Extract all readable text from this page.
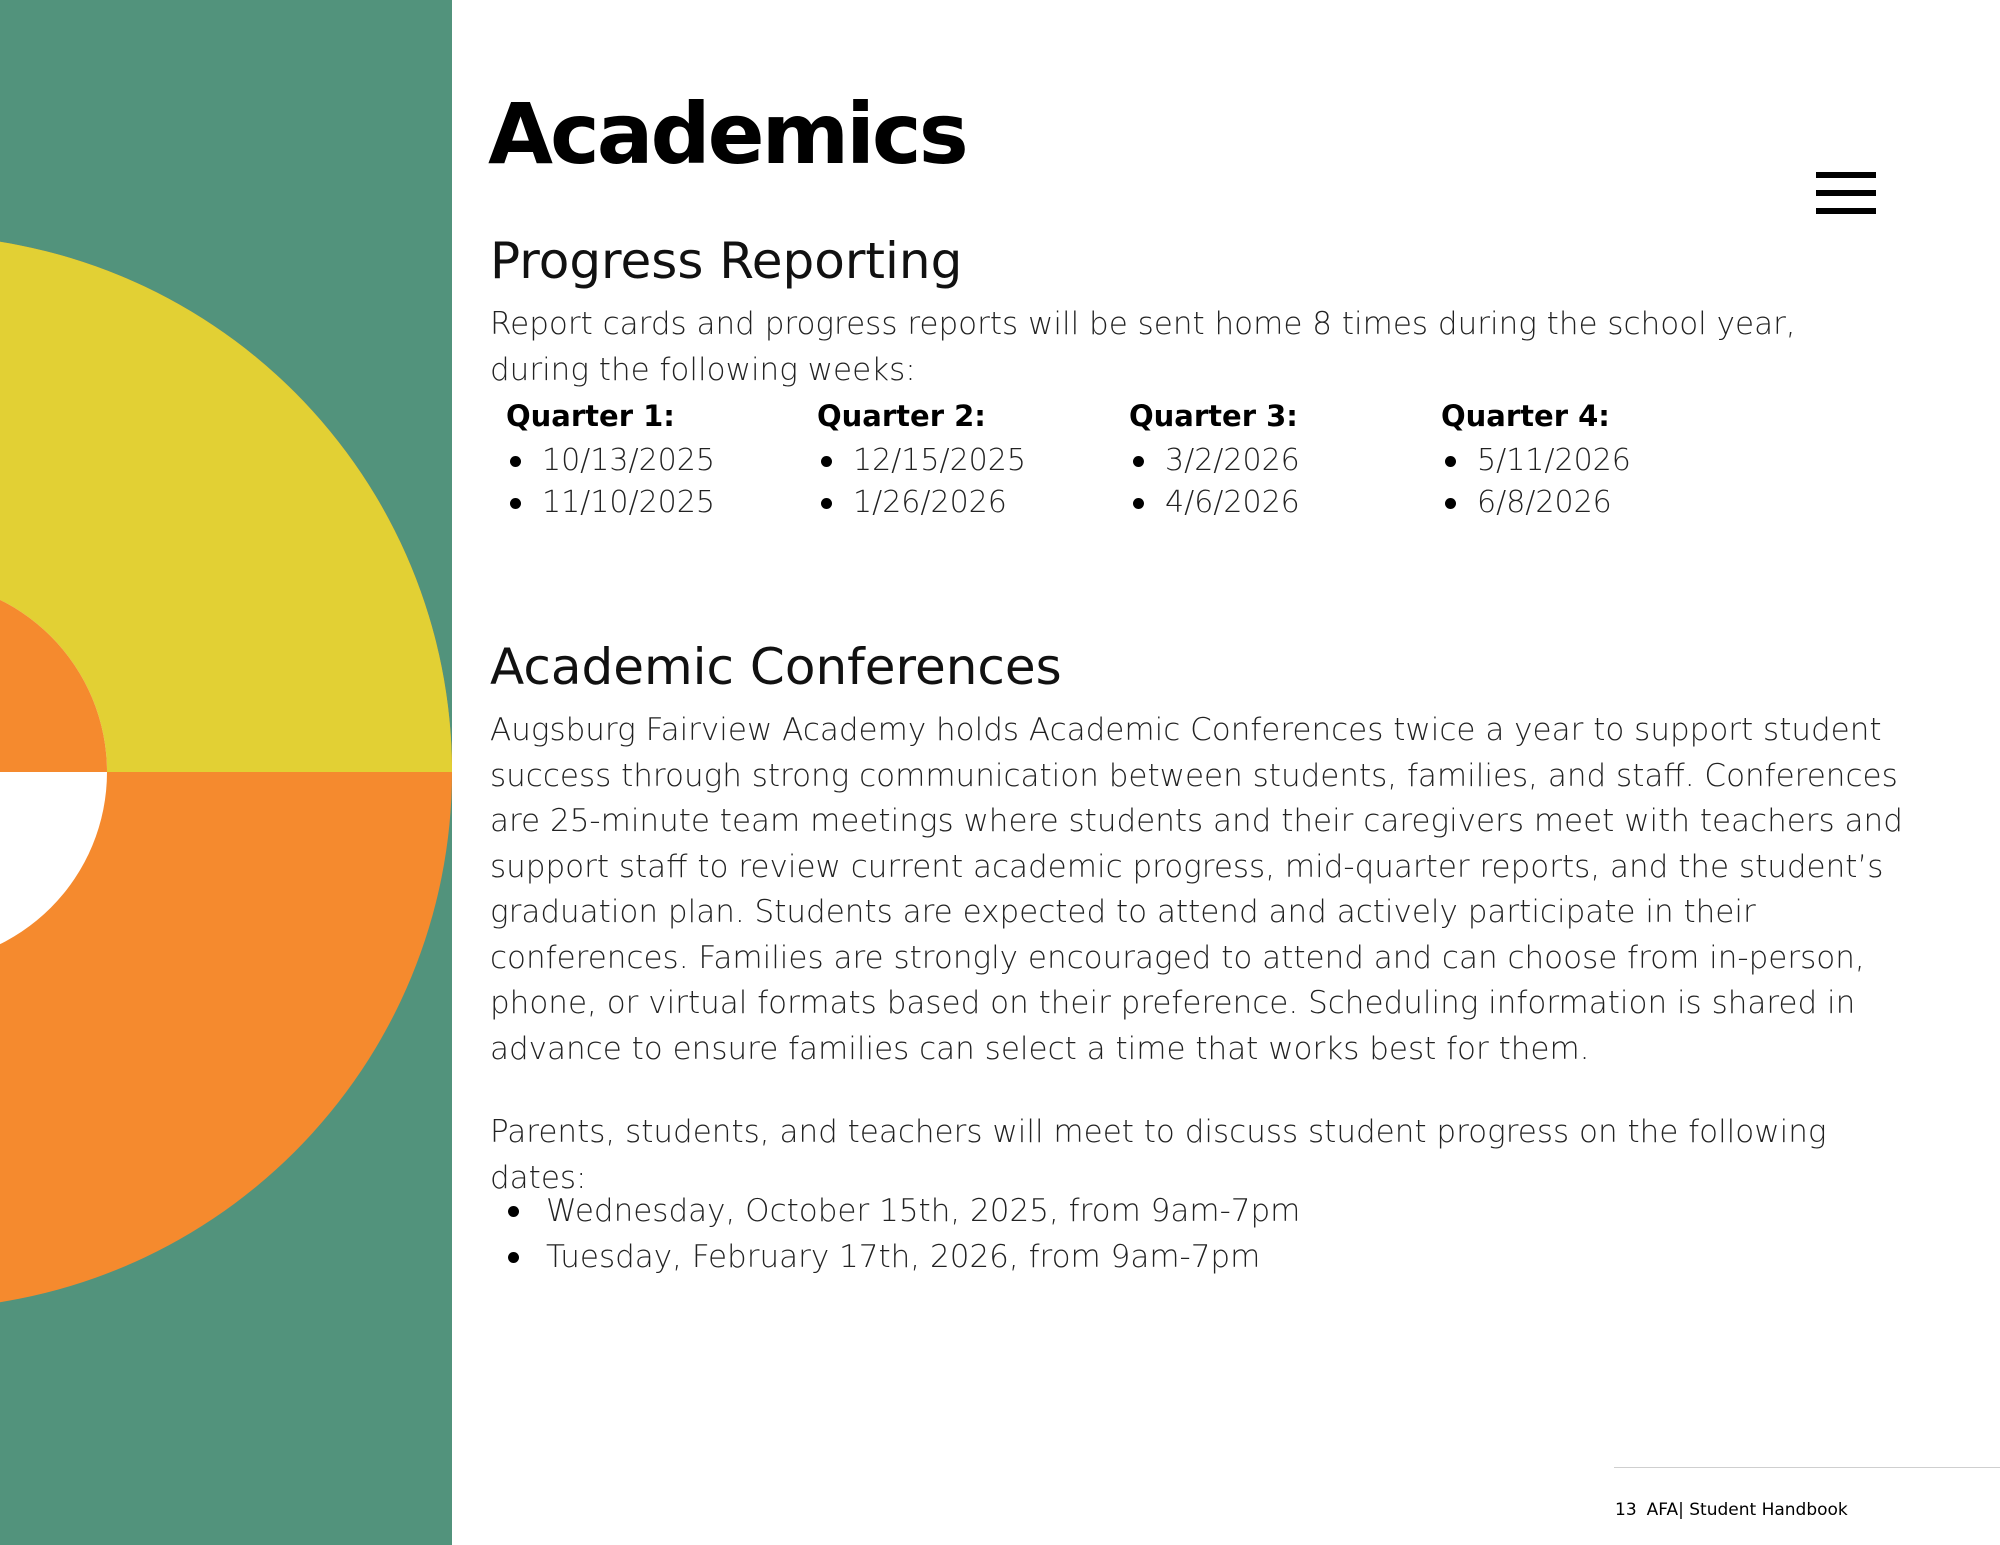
Academics
Progress Reporting

Report cards and progress reports will be sent home 8 times during the school year, during the following weeks:

Quarter 1:
10/13/2025
11/10/2025
Quarter 2:
12/15/2025
1/26/2026
Quarter 3:
3/2/2026
4/6/2026
Quarter 4:
5/11/2026
6/8/2026
Academic Conferences

Augsburg Fairview Academy holds Academic Conferences twice a year to support student success through strong communication between students, families, and staff. Conferences are 25-minute team meetings where students and their caregivers meet with teachers and support staff to review current academic progress, mid-quarter reports, and the student’s graduation plan. Students are expected to attend and actively participate in their conferences. Families are strongly encouraged to attend and can choose from in-person, phone, or virtual formats based on their preference. Scheduling information is shared in advance to ensure families can select a time that works best for them.

Parents, students, and teachers will meet to discuss student progress on the following dates:

Wednesday, October 15th, 2025, from 9am-7pm
Tuesday, February 17th, 2026, from 9am-7pm
13 AFA| Student Handbook
